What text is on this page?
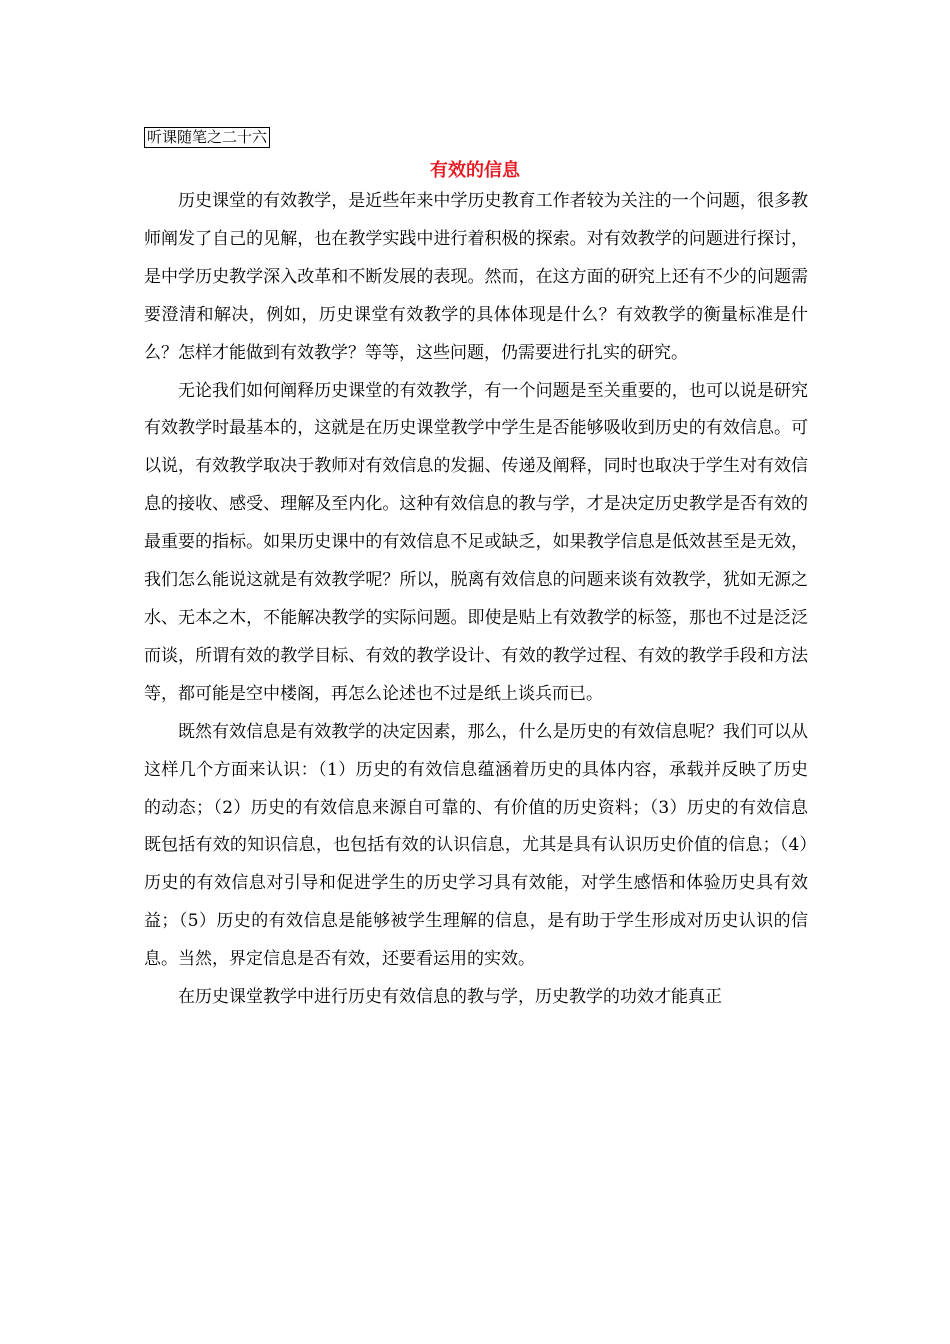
听课随笔之二十六
有效的信息

历史课堂的有效教学，是近些年来中学历史教育工作者较为关注的一个问题，很多教师阐发了自己的见解，也在教学实践中进行着积极的探索。对有效教学的问题进行探讨，是中学历史教学深入改革和不断发展的表现。然而，在这方面的研究上还有不少的问题需要澄清和解决，例如，历史课堂有效教学的具体体现是什么？有效教学的衡量标准是什么？怎样才能做到有效教学？等等，这些问题，仍需要进行扎实的研究。

无论我们如何阐释历史课堂的有效教学，有一个问题是至关重要的，也可以说是研究有效教学时最基本的，这就是在历史课堂教学中学生是否能够吸收到历史的有效信息。可以说，有效教学取决于教师对有效信息的发掘、传递及阐释，同时也取决于学生对有效信息的接收、感受、理解及至内化。这种有效信息的教与学，才是决定历史教学是否有效的最重要的指标。如果历史课中的有效信息不足或缺乏，如果教学信息是低效甚至是无效，我们怎么能说这就是有效教学呢？所以，脱离有效信息的问题来谈有效教学，犹如无源之水、无本之木，不能解决教学的实际问题。即使是贴上有效教学的标签，那也不过是泛泛而谈，所谓有效的教学目标、有效的教学设计、有效的教学过程、有效的教学手段和方法等，都可能是空中楼阁，再怎么论述也不过是纸上谈兵而已。

既然有效信息是有效教学的决定因素，那么，什么是历史的有效信息呢？我们可以从这样几个方面来认识：（1）历史的有效信息蕴涵着历史的具体内容，承载并反映了历史的动态；（2）历史的有效信息来源自可靠的、有价值的历史资料；（3）历史的有效信息既包括有效的知识信息，也包括有效的认识信息，尤其是具有认识历史价值的信息；（4）历史的有效信息对引导和促进学生的历史学习具有效能，对学生感悟和体验历史具有效益；（5）历史的有效信息是能够被学生理解的信息，是有助于学生形成对历史认识的信息。当然，界定信息是否有效，还要看运用的实效。

在历史课堂教学中进行历史有效信息的教与学，历史教学的功效才能真正
